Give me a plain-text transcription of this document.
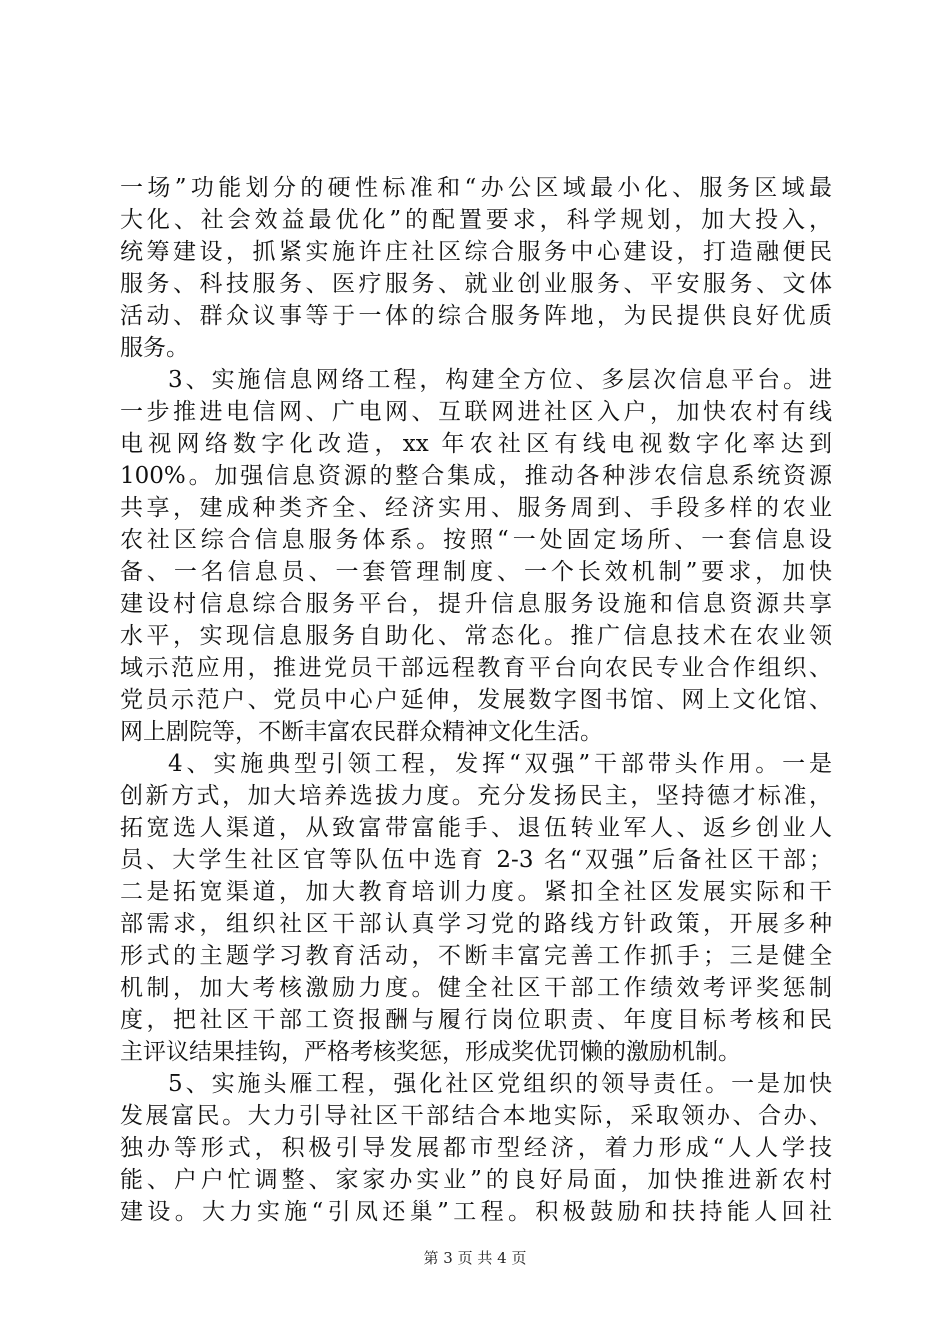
一场”功能划分的硬性标准和“办公区域最小化、服务区域最
大化、社会效益最优化”的配置要求，科学规划，加大投入，
统筹建设，抓紧实施许庄社区综合服务中心建设，打造融便民
服务、科技服务、医疗服务、就业创业服务、平安服务、文体
活动、群众议事等于一体的综合服务阵地，为民提供良好优质
服务。
3、实施信息网络工程，构建全方位、多层次信息平台。进
一步推进电信网、广电网、互联网进社区入户，加快农村有线
电视网络数字化改造，xx 年农社区有线电视数字化率达到
100%。加强信息资源的整合集成，推动各种涉农信息系统资源
共享，建成种类齐全、经济实用、服务周到、手段多样的农业
农社区综合信息服务体系。按照“一处固定场所、一套信息设
备、一名信息员、一套管理制度、一个长效机制”要求，加快
建设村信息综合服务平台，提升信息服务设施和信息资源共享
水平，实现信息服务自助化、常态化。推广信息技术在农业领
域示范应用，推进党员干部远程教育平台向农民专业合作组织、
党员示范户、党员中心户延伸，发展数字图书馆、网上文化馆、
网上剧院等，不断丰富农民群众精神文化生活。
4、实施典型引领工程，发挥“双强”干部带头作用。一是
创新方式，加大培养选拔力度。充分发扬民主，坚持德才标准，
拓宽选人渠道，从致富带富能手、退伍转业军人、返乡创业人
员、大学生社区官等队伍中选育 2-3 名“双强”后备社区干部；
二是拓宽渠道，加大教育培训力度。紧扣全社区发展实际和干
部需求，组织社区干部认真学习党的路线方针政策，开展多种
形式的主题学习教育活动，不断丰富完善工作抓手；三是健全
机制，加大考核激励力度。健全社区干部工作绩效考评奖惩制
度，把社区干部工资报酬与履行岗位职责、年度目标考核和民
主评议结果挂钩，严格考核奖惩，形成奖优罚懒的激励机制。
5、实施头雁工程，强化社区党组织的领导责任。一是加快
发展富民。大力引导社区干部结合本地实际，采取领办、合办、
独办等形式，积极引导发展都市型经济，着力形成“人人学技
能、户户忙调整、家家办实业”的良好局面，加快推进新农村
建设。大力实施“引凤还巢”工程。积极鼓励和扶持能人回社
第 3 页 共 4 页
